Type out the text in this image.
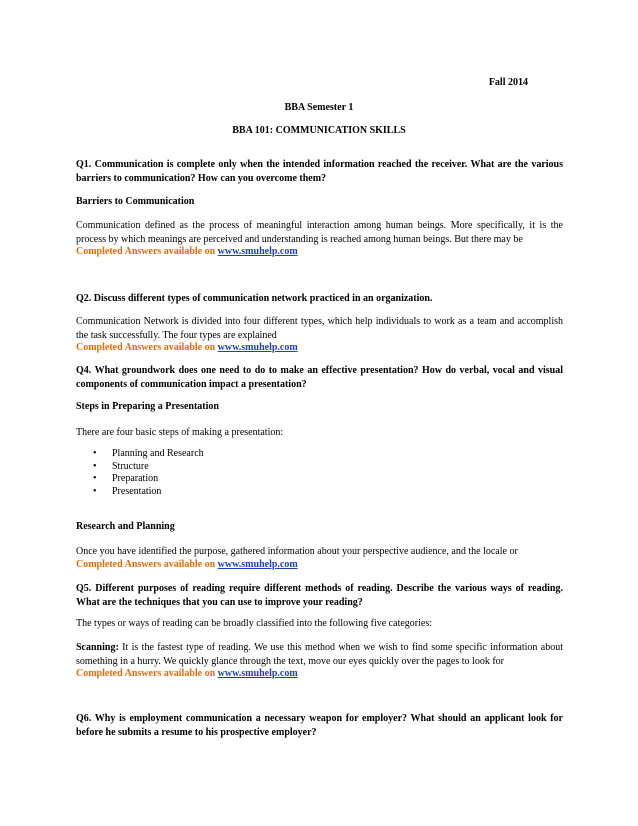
Fall 2014
BBA Semester 1
BBA 101: COMMUNICATION SKILLS
Q1. Communication is complete only when the intended information reached the receiver. What are the various barriers to communication? How can you overcome them?
Barriers to Communication
Communication defined as the process of meaningful interaction among human beings. More specifically, it is the process by which meanings are perceived and understanding is reached among human beings. But there may be
Completed Answers available on www.smuhelp.com
Q2. Discuss different types of communication network practiced in an organization.
Communication Network is divided into four different types, which help individuals to work as a team and accomplish the task successfully. The four types are explained
Completed Answers available on www.smuhelp.com
Q4. What groundwork does one need to do to make an effective presentation? How do verbal, vocal and visual components of communication impact a presentation?
Steps in Preparing a Presentation
There are four basic steps of making a presentation:
• Planning and Research
• Structure
• Preparation
• Presentation
Research and Planning
Once you have identified the purpose, gathered information about your perspective audience, and the locale or
Completed Answers available on www.smuhelp.com
Q5. Different purposes of reading require different methods of reading. Describe the various ways of reading. What are the techniques that you can use to improve your reading?
The types or ways of reading can be broadly classified into the following five categories:
Scanning: It is the fastest type of reading. We use this method when we wish to find some specific information about something in a hurry. We quickly glance through the text, move our eyes quickly over the pages to look for
Completed Answers available on www.smuhelp.com
Q6. Why is employment communication a necessary weapon for employer? What should an applicant look for before he submits a resume to his prospective employer?
